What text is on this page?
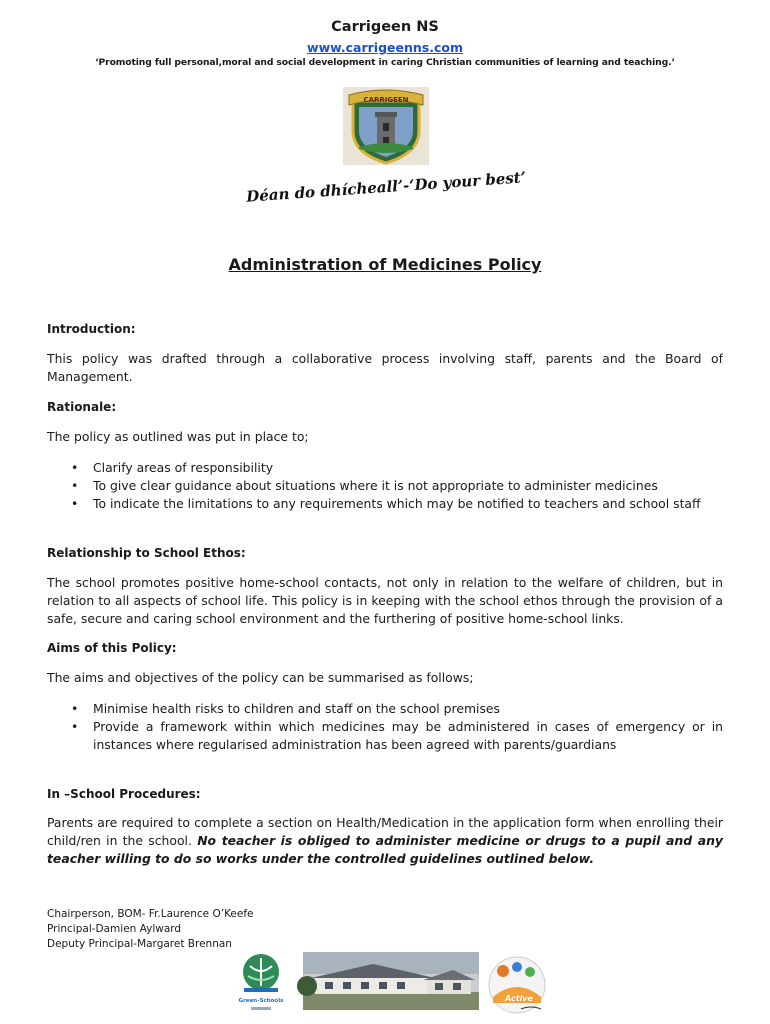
Carrigeen NS
www.carrigeenns.com
‘Promoting full personal,moral and social development in caring Christian communities of learning and teaching.’
CARRIGEEN
Déan do dhícheall’-‘Do your best’
Administration of Medicines Policy
Introduction:
This policy was drafted through a collaborative process involving staff, parents and the Board of Management.
Rationale:
The policy as outlined was put in place to;
• Clarify areas of responsibility
• To give clear guidance about situations where it is not appropriate to administer medicines
• To indicate the limitations to any requirements which may be notified to teachers and school staff
Relationship to School Ethos:
The school promotes positive home-school contacts, not only in relation to the welfare of children, but in relation to all aspects of school life. This policy is in keeping with the school ethos through the provision of a safe, secure and caring school environment and the furthering of positive home-school links.
Aims of this Policy:
The aims and objectives of the policy can be summarised as follows;
• Minimise health risks to children and staff on the school premises
• Provide a framework within which medicines may be administered in cases of emergency or in instances where regularised administration has been agreed with parents/guardians
In –School Procedures:
Parents are required to complete a section on Health/Medication in the application form when enrolling their child/ren in the school. No teacher is obliged to administer medicine or drugs to a pupil and any teacher willing to do so works under the controlled guidelines outlined below.
Chairperson, BOM- Fr.Laurence O’Keefe
Principal-Damien Aylward
Deputy Principal-Margaret Brennan
Green-Schools	Active
